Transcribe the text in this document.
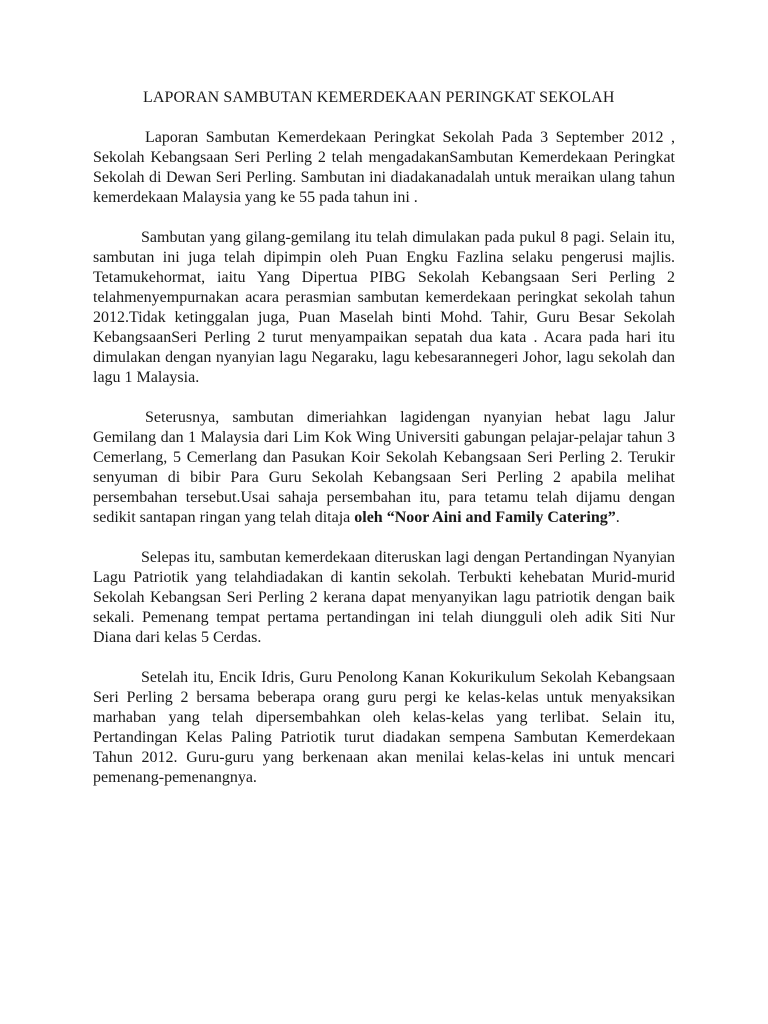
LAPORAN SAMBUTAN KEMERDEKAAN PERINGKAT SEKOLAH

Laporan Sambutan Kemerdekaan Peringkat Sekolah Pada 3 September 2012 , Sekolah Kebangsaan Seri Perling 2 telah mengadakanSambutan Kemerdekaan Peringkat Sekolah di Dewan Seri Perling. Sambutan ini diadakanadalah untuk meraikan ulang tahun kemerdekaan Malaysia yang ke 55 pada tahun ini .

Sambutan yang gilang-gemilang itu telah dimulakan pada pukul 8 pagi. Selain itu, sambutan ini juga telah dipimpin oleh Puan Engku Fazlina selaku pengerusi majlis. Tetamukehormat, iaitu Yang Dipertua PIBG Sekolah Kebangsaan Seri Perling 2 telahmenyempurnakan acara perasmian sambutan kemerdekaan peringkat sekolah tahun 2012.Tidak ketinggalan juga, Puan Maselah binti Mohd. Tahir, Guru Besar Sekolah KebangsaanSeri Perling 2 turut menyampaikan sepatah dua kata . Acara pada hari itu dimulakan dengan nyanyian lagu Negaraku, lagu kebesarannegeri Johor, lagu sekolah dan lagu 1 Malaysia.

Seterusnya, sambutan dimeriahkan lagidengan nyanyian hebat lagu Jalur Gemilang dan 1 Malaysia dari Lim Kok Wing Universiti gabungan pelajar-pelajar tahun 3 Cemerlang, 5 Cemerlang dan Pasukan Koir Sekolah Kebangsaan Seri Perling 2. Terukir senyuman di bibir Para Guru Sekolah Kebangsaan Seri Perling 2 apabila melihat persembahan tersebut.Usai sahaja persembahan itu, para tetamu telah dijamu dengan sedikit santapan ringan yang telah ditaja oleh “Noor Aini and Family Catering”.

Selepas itu, sambutan kemerdekaan diteruskan lagi dengan Pertandingan Nyanyian Lagu Patriotik yang telahdiadakan di kantin sekolah. Terbukti kehebatan Murid-murid Sekolah Kebangsan Seri Perling 2 kerana dapat menyanyikan lagu patriotik dengan baik sekali. Pemenang tempat pertama pertandingan ini telah diungguli oleh adik Siti Nur Diana dari kelas 5 Cerdas.

Setelah itu, Encik Idris, Guru Penolong Kanan Kokurikulum Sekolah Kebangsaan Seri Perling 2 bersama beberapa orang guru pergi ke kelas-kelas untuk menyaksikan marhaban yang telah dipersembahkan oleh kelas-kelas yang terlibat. Selain itu, Pertandingan Kelas Paling Patriotik turut diadakan sempena Sambutan Kemerdekaan Tahun 2012. Guru-guru yang berkenaan akan menilai kelas-kelas ini untuk mencari pemenang-pemenangnya.
